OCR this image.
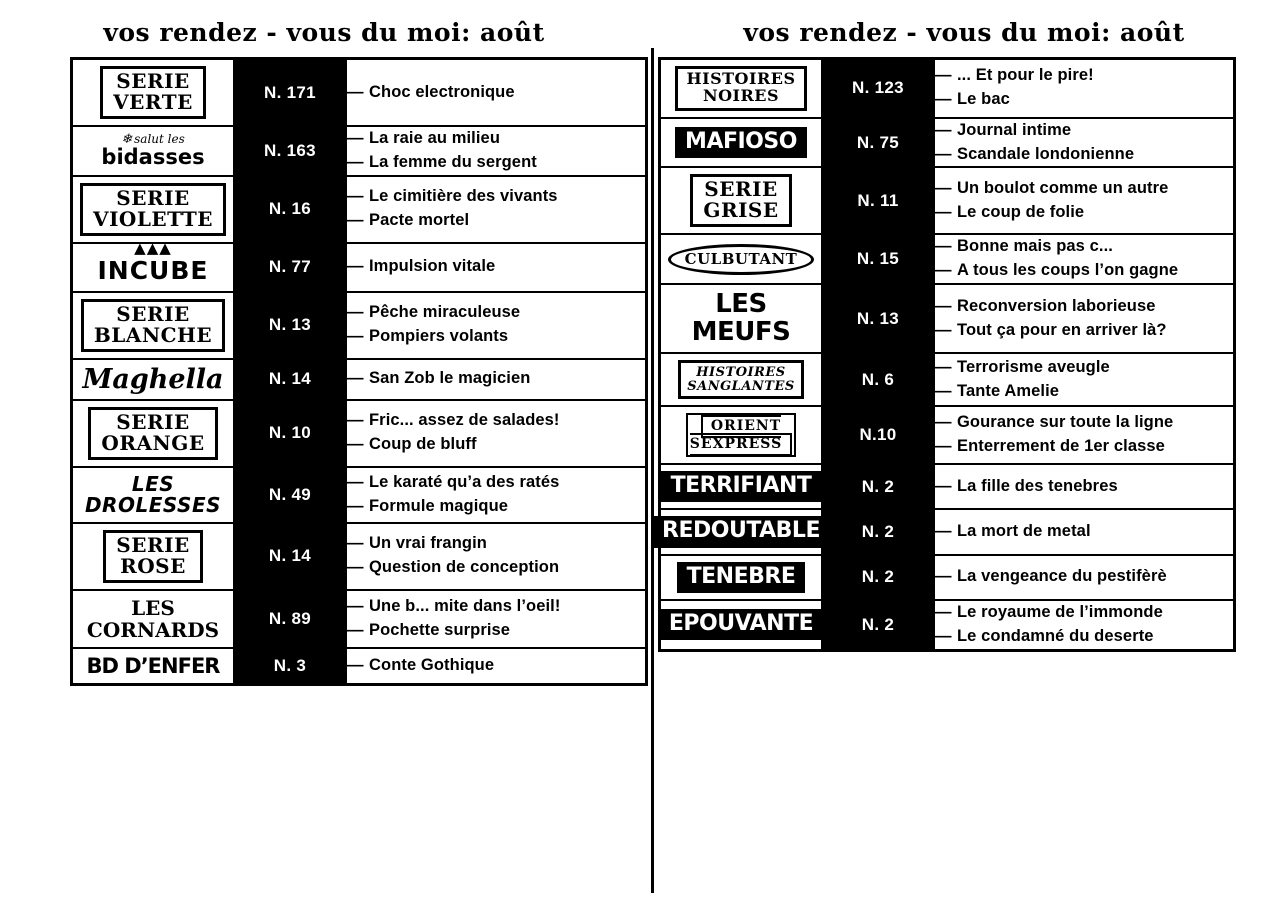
vos rendez - vous du moi: août
SERIE
VERTE	N. 171	— Choc electronique

❄ salut les
bidasses	N. 163	
— La raie au milieu
— La femme du sergent

SERIE
VIOLETTE	N. 16	
— Le cimitière des vivants
— Pacte mortel

▲▲▲
INCUBE	N. 77	— Impulsion vitale

SERIE
BLANCHE	N. 13	
— Pêche miraculeuse
— Pompiers volants

Maghella	N. 14	— San Zob le magicien

SERIE
ORANGE	N. 10	
— Fric... assez de salades!
— Coup de bluff

LES
DROLESSES	N. 49	
— Le karaté qu’a des ratés
— Formule magique

SERIE
ROSE	N. 14	
— Un vrai frangin
— Question de conception

LES
CORNARDS	N. 89	
— Une b... mite dans l’oeil!
— Pochette surprise

BD D’ENFER	N. 3	— Conte Gothique
vos rendez - vous du moi: août
HISTOIRES
NOIRES	N. 123	
— ... Et pour le pire!
— Le bac

MAFIOSO	N. 75	— Journal intime
— Scandale londonienne

SERIE
GRISE	N. 11	
— Un boulot comme un autre
— Le coup de folie

CULBUTANT	N. 15	— Bonne mais pas c...
— A tous les coups l’on gagne

LES
MEUFS	N. 13	
— Reconversion laborieuse
— Tout ça pour en arriver là?

HISTOIRES
SANGLANTES	N. 6	
— Terrorisme aveugle
— Tante Amelie

ORIENT
SEXPRESS	N.10	
— Gourance sur toute la ligne
— Enterrement de 1er classe

TERRIFIANT	N. 2	— La fille des tenebres

REDOUTABLE	N. 2	— La mort de metal

TENEBRE	N. 2	— La vengeance du pestifèrè

EPOUVANTE	N. 2	— Le royaume de l’immonde
— Le condamné du deserte
